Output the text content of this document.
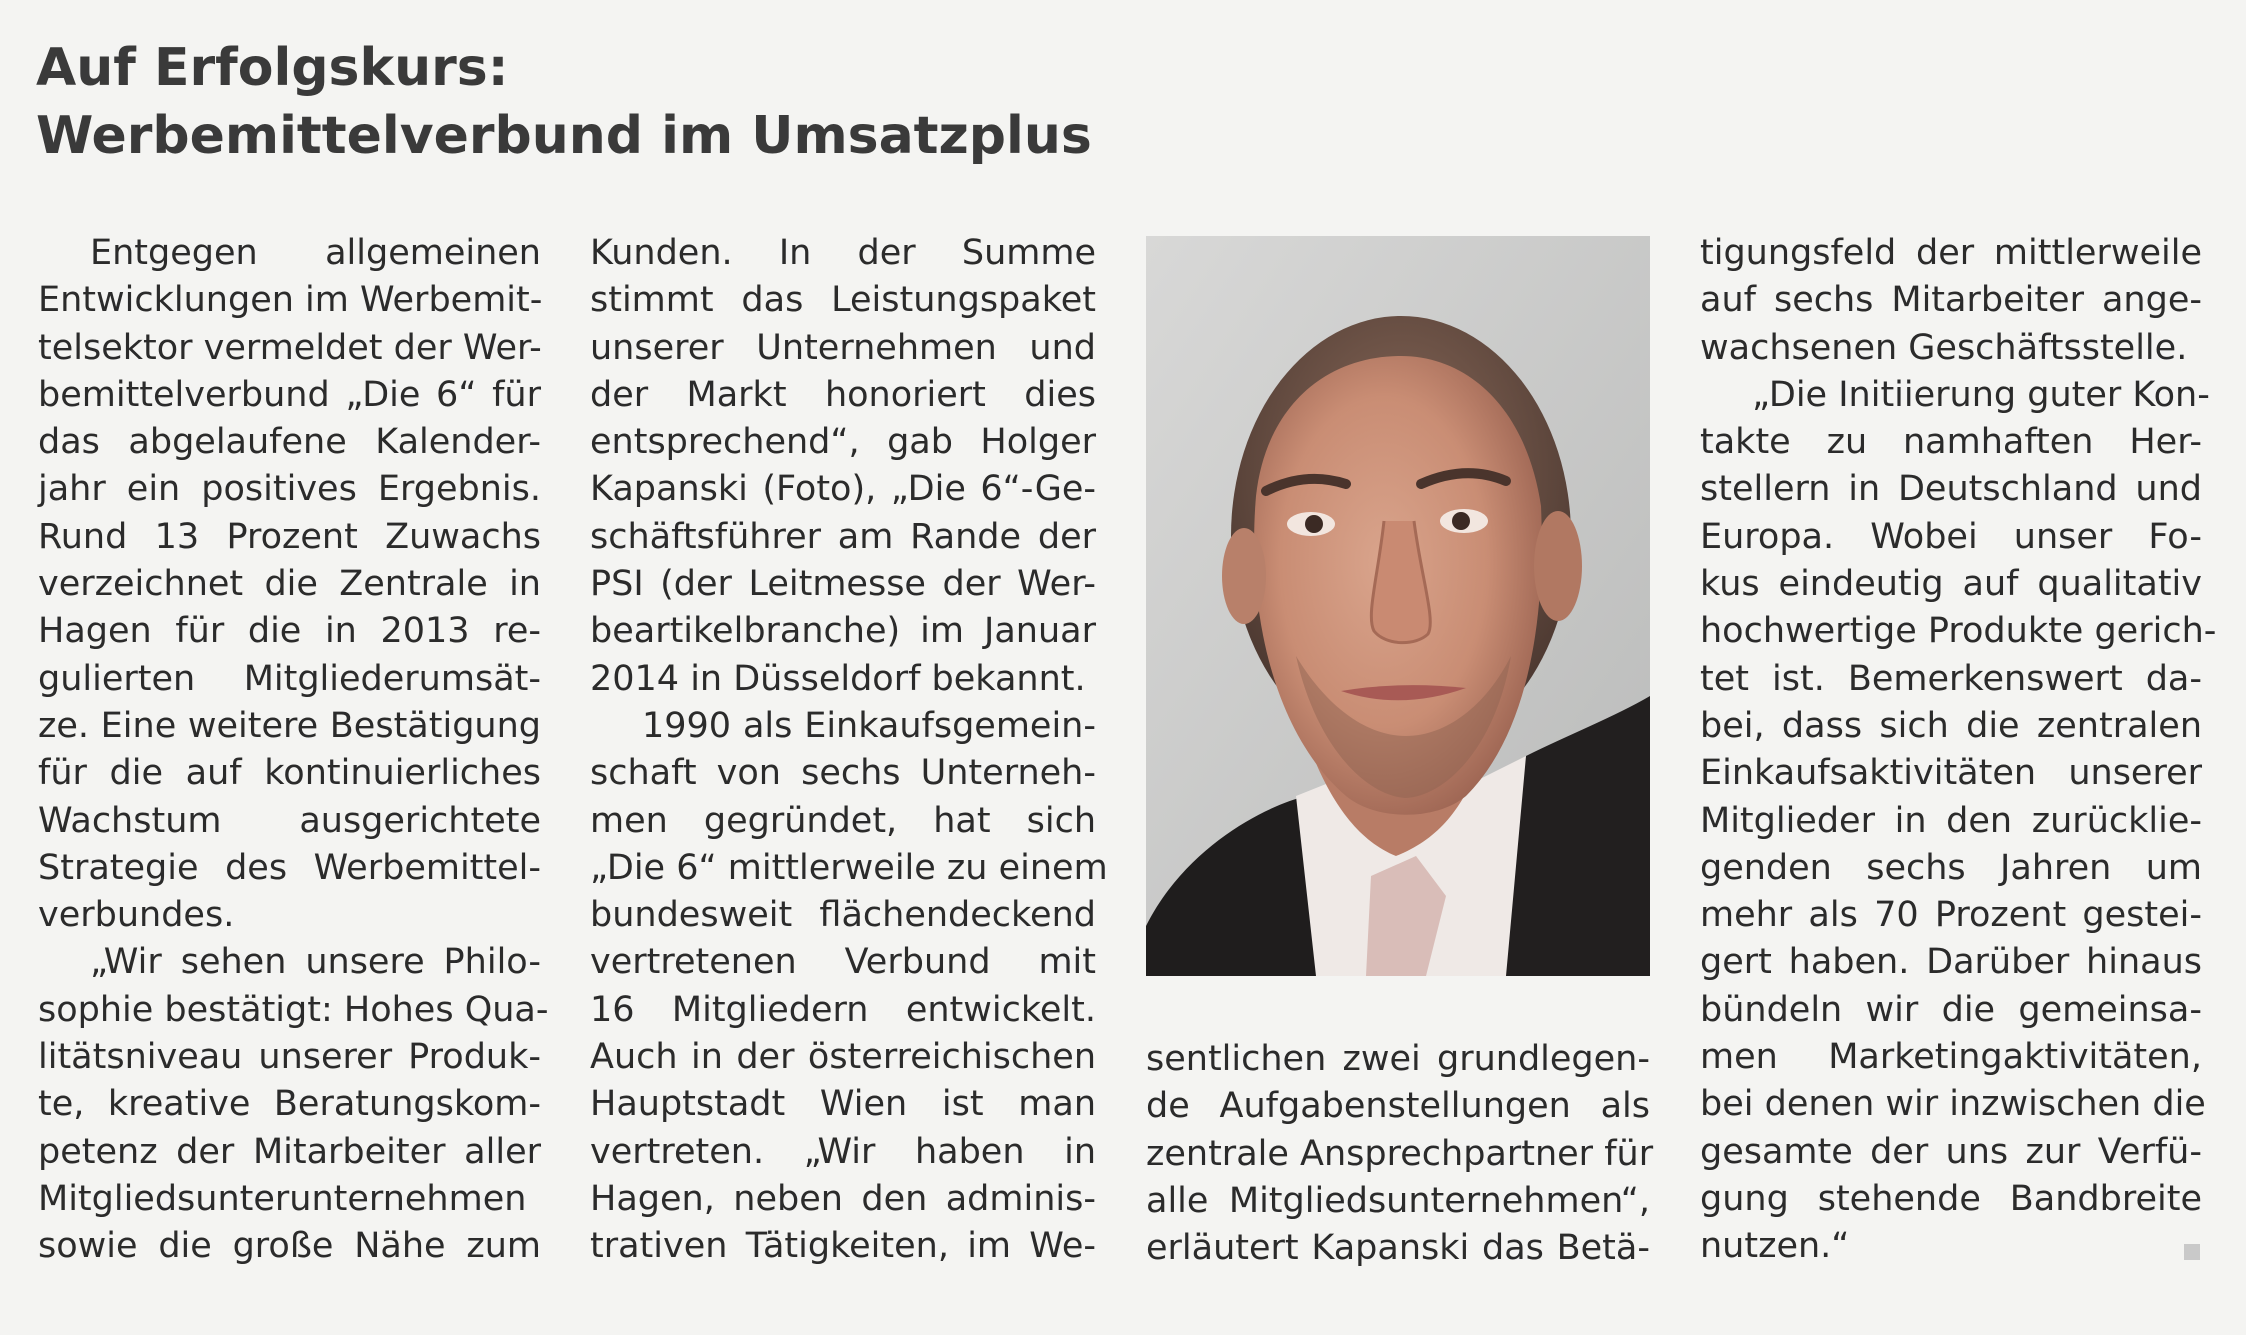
Auf Erfolgskurs:
Werbemittelverbund im Umsatzplus
Entgegen allgemeinen
Entwicklungen im Werbemit-
telsektor vermeldet der Wer-
bemittelverbund „Die 6“ für
das abgelaufene Kalender-
jahr ein positives Ergebnis.
Rund 13 Prozent Zuwachs
verzeichnet die Zentrale in
Hagen für die in 2013 re-
gulierten Mitgliederumsät-
ze. Eine weitere Bestätigung
für die auf kontinuierliches
Wachstum ausgerichtete
Strategie des Werbemittel-
verbundes.
„Wir sehen unsere Philo-
sophie bestätigt: Hohes Qua-
litätsniveau unserer Produk-
te, kreative Beratungskom-
petenz der Mitarbeiter aller
Mitgliedsunterunternehmen
sowie die große Nähe zum
Kunden. In der Summe
stimmt das Leistungspaket
unserer Unternehmen und
der Markt honoriert dies
entsprechend“, gab Holger
Kapanski (Foto), „Die 6“-Ge-
schäftsführer am Rande der
PSI (der Leitmesse der Wer-
beartikelbranche) im Januar
2014 in Düsseldorf bekannt.
1990 als Einkaufsgemein-
schaft von sechs Unterneh-
men gegründet, hat sich
„Die 6“ mittlerweile zu einem
bundesweit flächendeckend
vertretenen Verbund mit
16 Mitgliedern entwickelt.
Auch in der österreichischen
Hauptstadt Wien ist man
vertreten. „Wir haben in
Hagen, neben den adminis-
trativen Tätigkeiten, im We-
sentlichen zwei grundlegen-
de Aufgabenstellungen als
zentrale Ansprechpartner für
alle Mitgliedsunternehmen“,
erläutert Kapanski das Betä-
tigungsfeld der mittlerweile
auf sechs Mitarbeiter ange-
wachsenen Geschäftsstelle.
„Die Initiierung guter Kon-
takte zu namhaften Her-
stellern in Deutschland und
Europa. Wobei unser Fo-
kus eindeutig auf qualitativ
hochwertige Produkte gerich-
tet ist. Bemerkenswert da-
bei, dass sich die zentralen
Einkaufsaktivitäten unserer
Mitglieder in den zurücklie-
genden sechs Jahren um
mehr als 70 Prozent gestei-
gert haben. Darüber hinaus
bündeln wir die gemeinsa-
men Marketingaktivitäten,
bei denen wir inzwischen die
gesamte der uns zur Verfü-
gung stehende Bandbreite
nutzen.“
